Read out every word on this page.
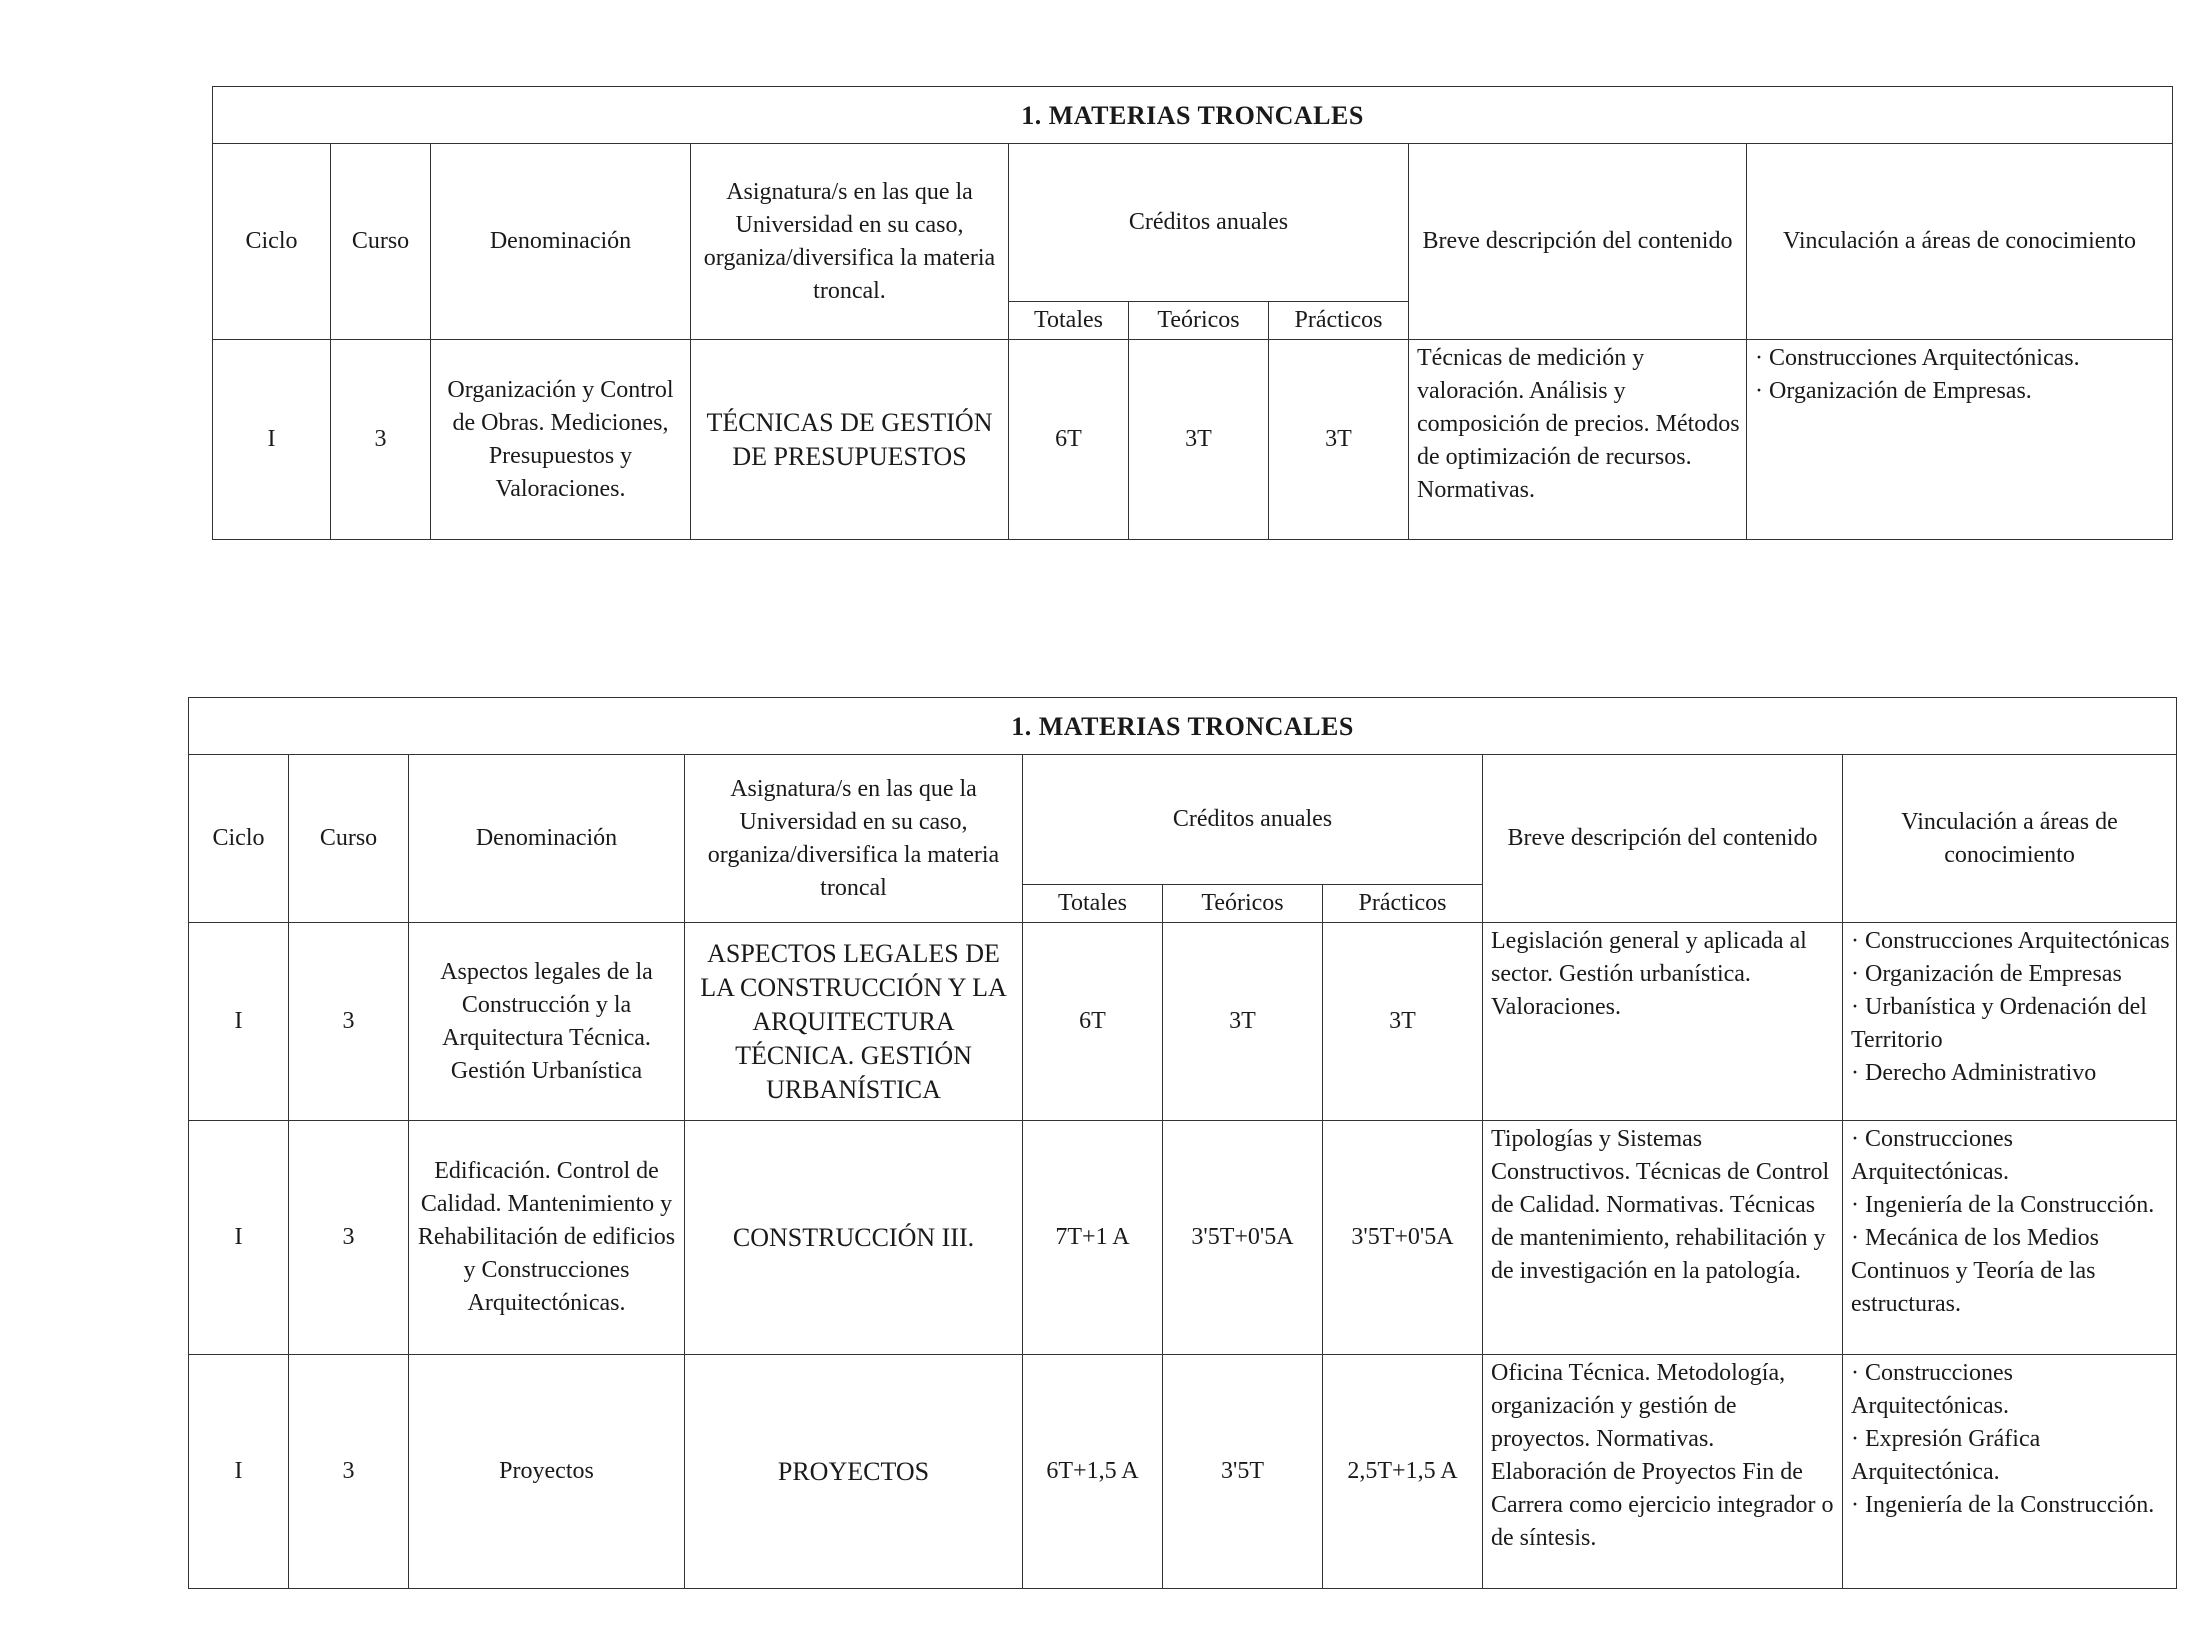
1. MATERIAS TRONCALES								
Ciclo	Curso	Denominación	Asignatura/s en las que la Universidad en su caso, organiza/diversifica la materia troncal.	Créditos anuales			Breve descripción del contenido	Vinculación a áreas de conocimiento
				Totales	Teóricos	Prácticos		
I	3	Organización y Control de Obras. Mediciones, Presupuestos y Valoraciones.	TÉCNICAS DE GESTIÓN DE PRESUPUESTOS	6T	3T	3T	Técnicas de medición y valoración. Análisis y composición de precios. Métodos de optimización de recursos. Normativas.	· Construcciones Arquitectónicas.
· Organización de Empresas.
1. MATERIAS TRONCALES								
Ciclo	Curso	Denominación	Asignatura/s en las que la Universidad en su caso, organiza/diversifica la materia troncal	Créditos anuales			Breve descripción del contenido	Vinculación a áreas de conocimiento
				Totales	Teóricos	Prácticos		
I	3	Aspectos legales de la Construcción y la Arquitectura Técnica. Gestión Urbanística	ASPECTOS LEGALES DE LA CONSTRUCCIÓN Y LA ARQUITECTURA TÉCNICA. GESTIÓN URBANÍSTICA	6T	3T	3T	Legislación general y aplicada al sector. Gestión urbanística. Valoraciones.	· Construcciones Arquitectónicas
· Organización de Empresas
· Urbanística y Ordenación del Territorio
· Derecho Administrativo

I	3	Edificación. Control de Calidad. Mantenimiento y Rehabilitación de edificios y Construcciones Arquitectónicas.	CONSTRUCCIÓN III.	7T+1 A	3'5T+0'5A	3'5T+0'5A	Tipologías y Sistemas Constructivos. Técnicas de Control de Calidad. Normativas. Técnicas de mantenimiento, rehabilitación y de investigación en la patología.	· Construcciones Arquitectónicas.
· Ingeniería de la Construcción.
· Mecánica de los Medios Continuos y Teoría de las estructuras.

I	3	Proyectos	PROYECTOS	6T+1,5 A	3'5T	2,5T+1,5 A	Oficina Técnica. Metodología, organización y gestión de proyectos. Normativas. Elaboración de Proyectos Fin de Carrera como ejercicio integrador o de síntesis.	· Construcciones Arquitectónicas.
· Expresión Gráfica Arquitectónica.
· Ingeniería de la Construcción.
